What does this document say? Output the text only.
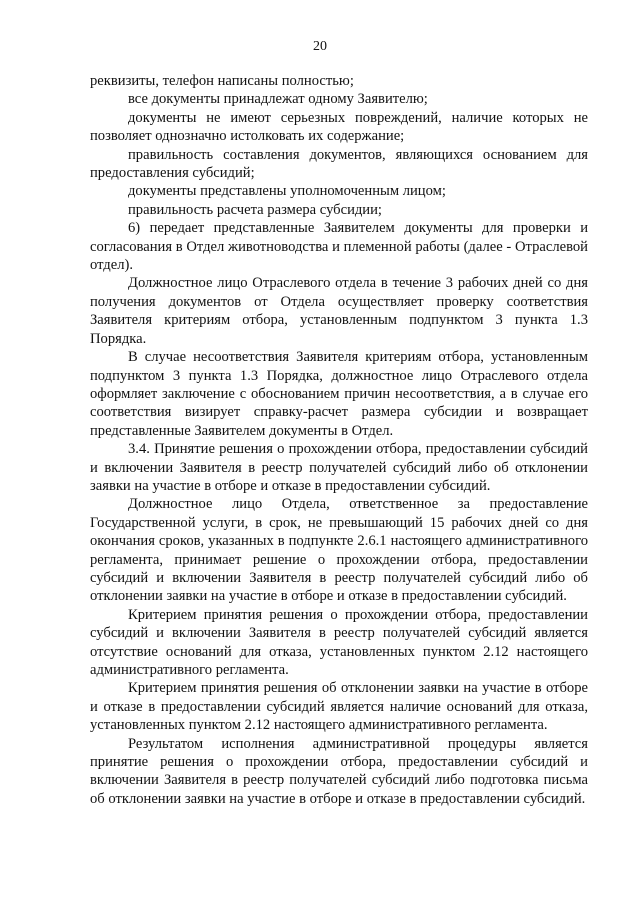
20

реквизиты, телефон написаны полностью;

все документы принадлежат одному Заявителю;

документы не имеют серьезных повреждений, наличие которых не позволяет однозначно истолковать их содержание;

правильность составления документов, являющихся основанием для предоставления субсидий;

документы представлены уполномоченным лицом;

правильность расчета размера субсидии;

6) передает представленные Заявителем документы для проверки и согласования в Отдел животноводства и племенной работы (далее - Отраслевой отдел).

Должностное лицо Отраслевого отдела в течение 3 рабочих дней со дня получения документов от Отдела осуществляет проверку соответствия Заявителя критериям отбора, установленным подпунктом 3 пункта 1.3 Порядка.

В случае несоответствия Заявителя критериям отбора, установленным подпунктом 3 пункта 1.3 Порядка, должностное лицо Отраслевого отдела оформляет заключение с обоснованием причин несоответствия, а в случае его соответствия визирует справку-расчет размера субсидии и возвращает представленные Заявителем документы в Отдел.

3.4. Принятие решения о прохождении отбора, предоставлении субсидий и включении Заявителя в реестр получателей субсидий либо об отклонении заявки на участие в отборе и отказе в предоставлении субсидий.

Должностное лицо Отдела, ответственное за предоставление Государственной услуги, в срок, не превышающий 15 рабочих дней со дня окончания сроков, указанных в подпункте 2.6.1 настоящего административного регламента, принимает решение о прохождении отбора, предоставлении субсидий и включении Заявителя в реестр получателей субсидий либо об отклонении заявки на участие в отборе и отказе в предоставлении субсидий.

Критерием принятия решения о прохождении отбора, предоставлении субсидий и включении Заявителя в реестр получателей субсидий является отсутствие оснований для отказа, установленных пунктом 2.12 настоящего административного регламента.

Критерием принятия решения об отклонении заявки на участие в отборе и отказе в предоставлении субсидий является наличие оснований для отказа, установленных пунктом 2.12 настоящего административного регламента.

Результатом исполнения административной процедуры является принятие решения о прохождении отбора, предоставлении субсидий и включении Заявителя в реестр получателей субсидий либо подготовка письма об отклонении заявки на участие в отборе и отказе в предоставлении субсидий.
